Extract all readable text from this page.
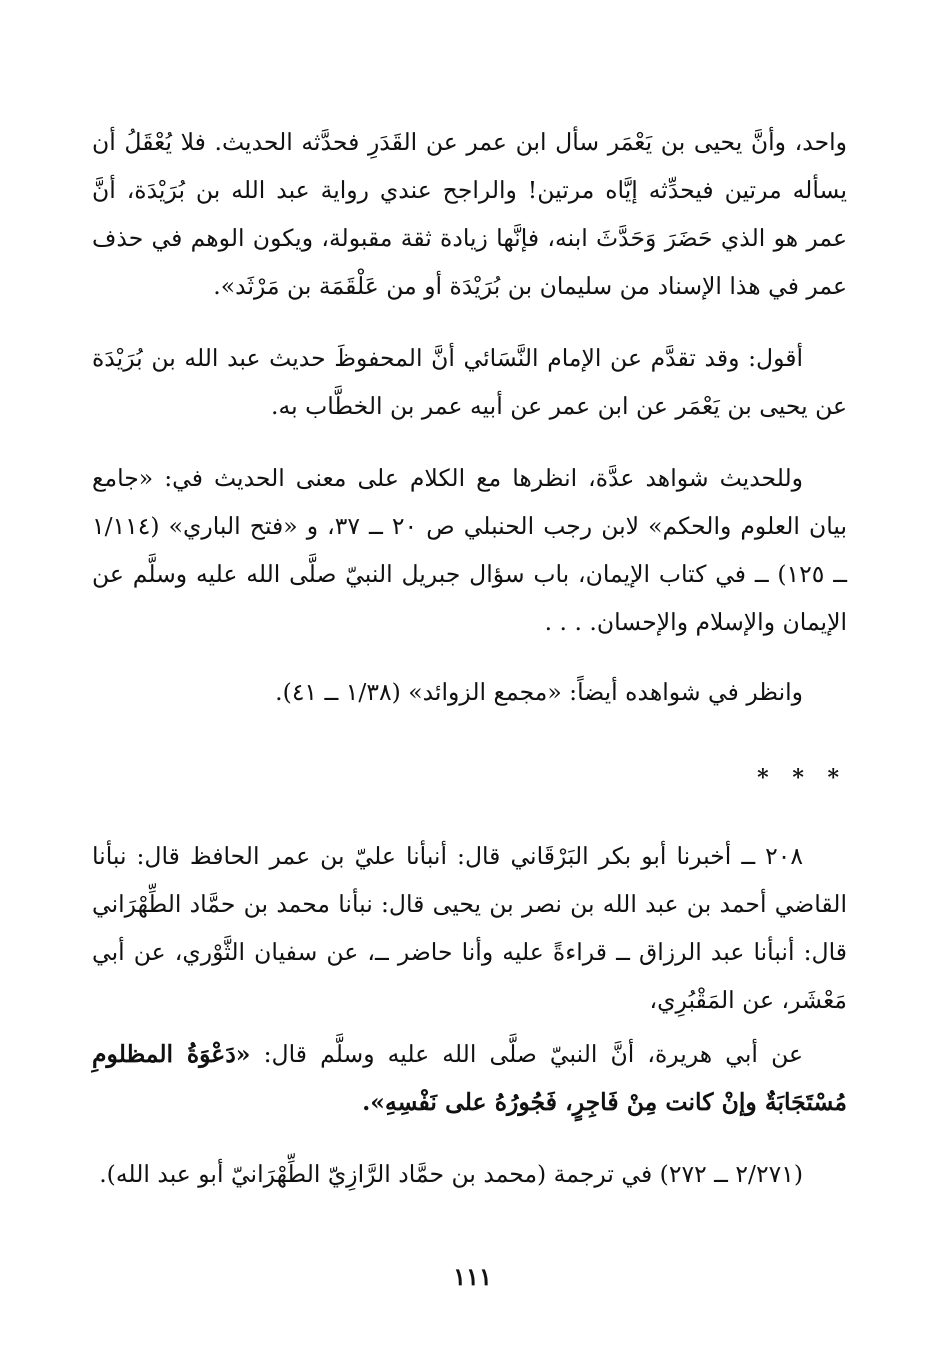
واحد، وأنَّ يحيى بن يَعْمَر سأل ابن عمر عن القَدَرِ فحدَّثه الحديث. فلا يُعْقَلُ أن يسأله مرتين فيحدِّثه إيَّاه مرتين! والراجح عندي رواية عبد الله بن بُرَيْدَة، أنَّ عمر هو الذي حَضَرَ وَحَدَّثَ ابنه، فإنَّها زيادة ثقة مقبولة، ويكون الوهم في حذف عمر في هذا الإسناد من سليمان بن بُرَيْدَة أو من عَلْقَمَة بن مَرْثَد».

أقول: وقد تقدَّم عن الإمام النَّسَائي أنَّ المحفوظَ حديث عبد الله بن بُرَيْدَة عن يحيى بن يَعْمَر عن ابن عمر عن أبيه عمر بن الخطَّاب به.

وللحديث شواهد عدَّة، انظرها مع الكلام على معنى الحديث في: «جامع بيان العلوم والحكم» لابن رجب الحنبلي ص ٢٠ ــ ٣٧، و «فتح الباري» (١/١١٤ ــ ١٢٥) ــ في كتاب الإيمان، باب سؤال جبريل النبيّ صلَّى الله عليه وسلَّم عن الإيمان والإسلام والإحسان. . . .

وانظر في شواهده أيضاً: «مجمع الزوائد» (١/٣٨ ــ ٤١).

* * *

٢٠٨ ــ أخبرنا أبو بكر البَرْقَاني قال: أنبأنا عليّ بن عمر الحافظ قال: نبأنا القاضي أحمد بن عبد الله بن نصر بن يحيى قال: نبأنا محمد بن حمَّاد الطِّهْرَاني قال: أنبأنا عبد الرزاق ــ قراءةً عليه وأنا حاضر ــ، عن سفيان الثَّوْري، عن أبي مَعْشَر، عن المَقْبُرِي،

عن أبي هريرة، أنَّ النبيّ صلَّى الله عليه وسلَّم قال: «دَعْوَةُ المظلومِ مُسْتَجَابَةٌ وإنْ كانت مِنْ فَاجِرٍ، فَجُورُهُ على نَفْسِهِ».

(٢/٢٧١ ــ ٢٧٢) في ترجمة (محمد بن حمَّاد الرَّازِيّ الطِّهْرَانيّ أبو عبد الله).

١١١
